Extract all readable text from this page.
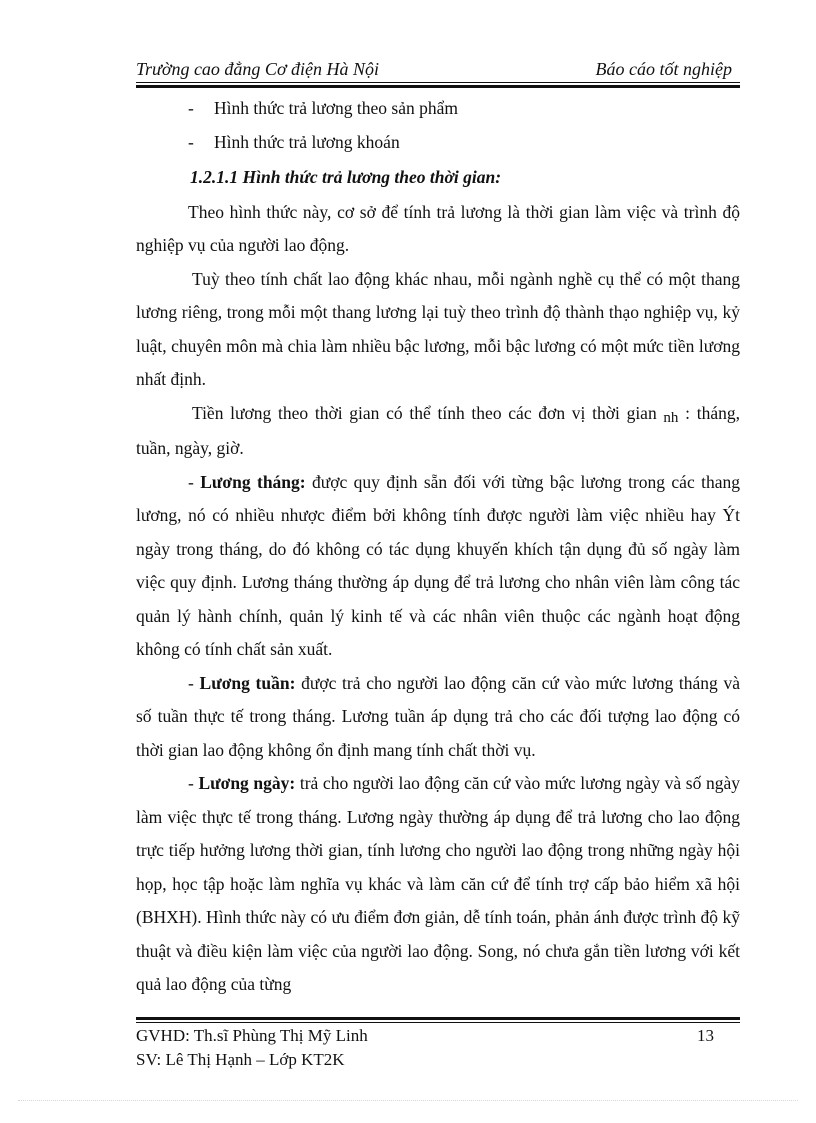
Trường cao đẳng Cơ điện Hà Nội	Báo cáo tốt nghiệp

- Hình thức trả lương theo sản phẩm

- Hình thức trả lương khoán

1.2.1.1 Hình thức trả lương theo thời gian:

Theo hình thức này, cơ sở để tính trả lương là thời gian làm việc và trình độ nghiệp vụ của người lao động.

Tuỳ theo tính chất lao động khác nhau, mỗi ngành nghề cụ thể có một thang lương riêng, trong mỗi một thang lương lại tuỳ theo trình độ thành thạo nghiệp vụ, kỷ luật, chuyên môn mà chia làm nhiều bậc lương, mỗi bậc lương có một mức tiền lương nhất định.

Tiền lương theo thời gian có thể tính theo các đơn vị thời gian nh : tháng, tuần, ngày, giờ.

- Lương tháng: được quy định sẵn đối với từng bậc lương trong các thang lương, nó có nhiều nhược điểm bởi không tính được người làm việc nhiều hay Ýt ngày trong tháng, do đó không có tác dụng khuyến khích tận dụng đủ số ngày làm việc quy định. Lương tháng thường áp dụng để trả lương cho nhân viên làm công tác quản lý hành chính, quản lý kinh tế và các nhân viên thuộc các ngành hoạt động không có tính chất sản xuất.

- Lương tuần: được trả cho người lao động căn cứ vào mức lương tháng và số tuần thực tế trong tháng. Lương tuần áp dụng trả cho các đối tượng lao động có thời gian lao động không ổn định mang tính chất thời vụ.

- Lương ngày: trả cho người lao động căn cứ vào mức lương ngày và số ngày làm việc thực tế trong tháng. Lương ngày thường áp dụng để trả lương cho lao động trực tiếp hưởng lương thời gian, tính lương cho người lao động trong những ngày hội họp, học tập hoặc làm nghĩa vụ khác và làm căn cứ để tính trợ cấp bảo hiểm xã hội (BHXH). Hình thức này có ưu điểm đơn giản, dễ tính toán, phản ánh được trình độ kỹ thuật và điều kiện làm việc của người lao động. Song, nó chưa gắn tiền lương với kết quả lao động của từng

GVHD: Th.sĩ Phùng Thị Mỹ Linh
SV: Lê Thị Hạnh – Lớp KT2K
13
